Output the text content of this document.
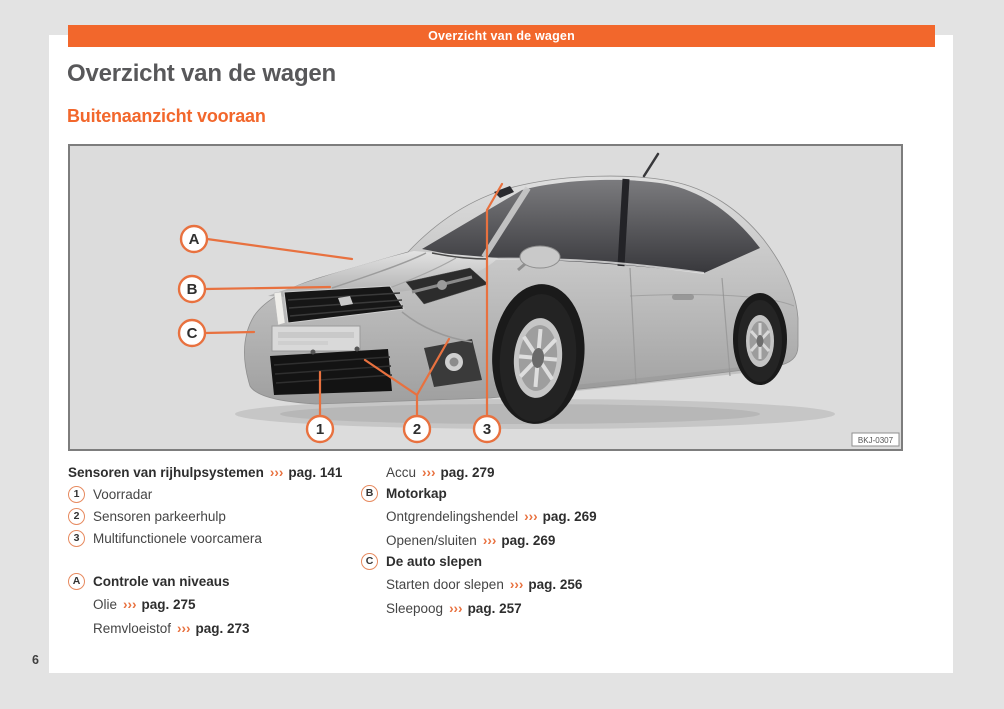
Overzicht van de wagen
Overzicht van de wagen
Buitenaanzicht vooraan
A
B
C
1	2	3
BKJ-0307
Sensoren van rijhulpsystemen ››› pag. 141
1	Voorradar
2	Sensoren parkeerhulp
3	Multifunctionele voorcamera
A Controle van niveaus
Olie ››› pag. 275
Remvloeistof ››› pag. 273
Accu ››› pag. 279
B Motorkap
Ontgrendelingshendel ››› pag. 269
Openen/sluiten ››› pag. 269
C De auto slepen
Starten door slepen ››› pag. 256
Sleepoog ››› pag. 257
6
